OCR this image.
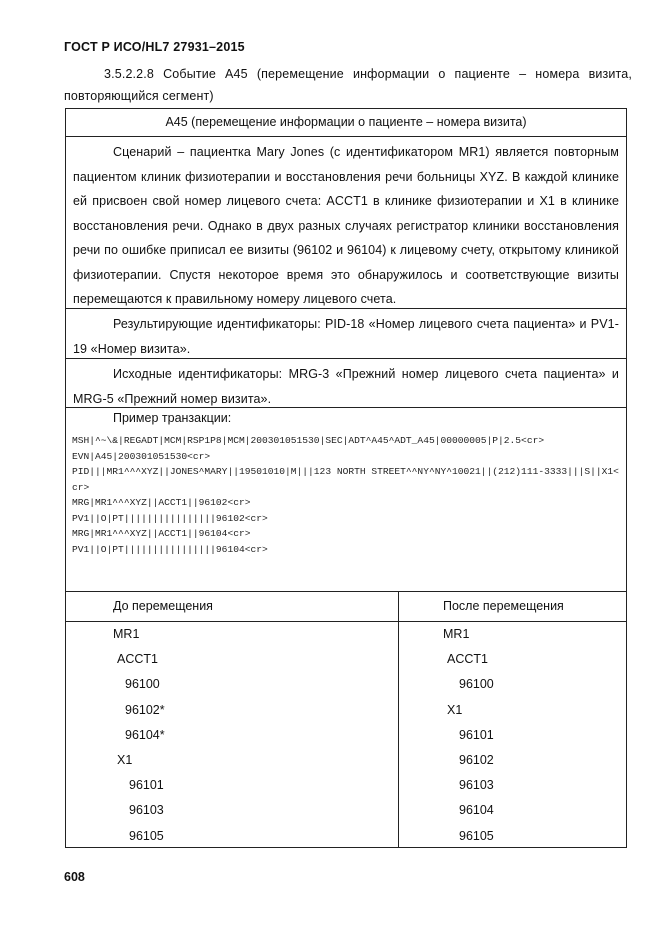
ГОСТ Р ИСО/HL7 27931–2015
3.5.2.2.8 Событие A45 (перемещение информации о пациенте – номера визита, повторяющийся сегмент)
A45 (перемещение информации о пациенте – номера визита)
Сценарий – пациентка Mary Jones (с идентификатором MR1) является повторным пациентом клиник физиотерапии и восстановления речи больницы XYZ. В каждой клинике ей присвоен свой номер лицевого счета: ACCT1 в клинике физиотерапии и X1 в клинике восстановления речи. Однако в двух разных случаях регистратор клиники восстановления речи по ошибке приписал ее визиты (96102 и 96104) к лицевому счету, открытому клиникой физиотерапии. Спустя некоторое время это обнаружилось и соответствующие визиты перемещаются к правильному номеру лицевого счета.
Результирующие идентификаторы: PID-18 «Номер лицевого счета пациента» и PV1-19 «Номер визита».
Исходные идентификаторы: MRG-3 «Прежний номер лицевого счета пациента» и MRG-5 «Прежний номер визита».
Пример транзакции:
MSH|^~\&|REGADT|MCM|RSP1P8|MCM|200301051530|SEC|ADT^A45^ADT_A45|00000005|P|2.5<cr>
EVN|A45|200301051530<cr>
PID|||MR1^^^XYZ||JONES^MARY||19501010|M|||123 NORTH STREET^^NY^NY^10021||(212)111-3333|||S||X1<cr>
MRG|MR1^^^XYZ||ACCT1||96102<cr>
PV1||O|PT||||||||||||||||96102<cr>
MRG|MR1^^^XYZ||ACCT1||96104<cr>
PV1||O|PT||||||||||||||||96104<cr>
До перемещения	После перемещения
MR1
ACCT1
96100
96102*
96104*
X1
96101
96103
96105
MR1
ACCT1
96100
X1
96101
96102
96103
96104
96105
608
